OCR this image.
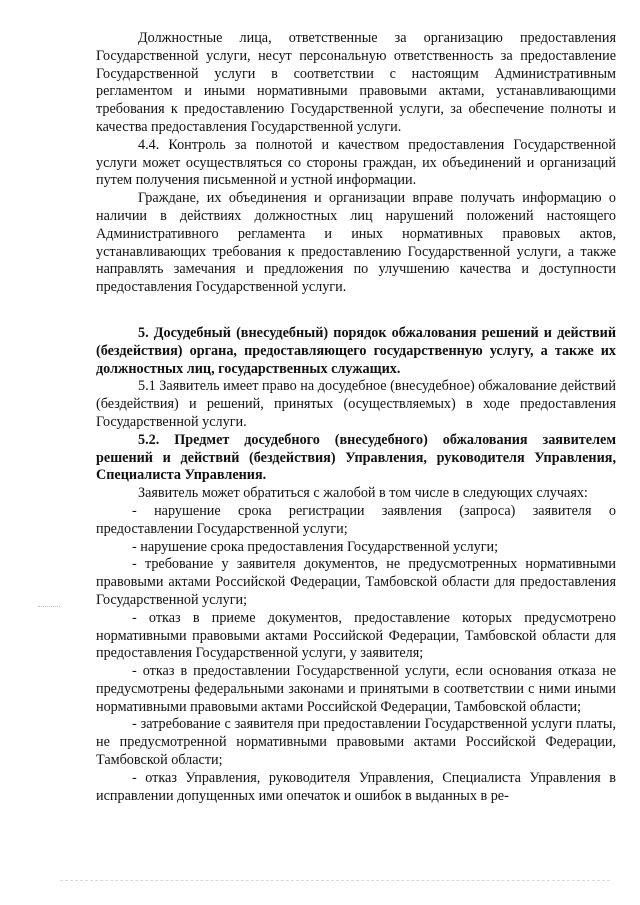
Должностные лица, ответственные за организацию предоставления Государственной услуги, несут персональную ответственность за предоставление Государственной услуги в соответствии с настоящим Административным регламентом и иными нормативными правовыми актами, устанавливающими требования к предоставлению Государственной услуги, за обеспечение полноты и качества предоставления Государственной услуги.

4.4. Контроль за полнотой и качеством предоставления Государственной услуги может осуществляться со стороны граждан, их объединений и организаций путем получения письменной и устной информации.

Граждане, их объединения и организации вправе получать информацию о наличии в действиях должностных лиц нарушений положений настоящего Административного регламента и иных нормативных правовых актов, устанавливающих требования к предоставлению Государственной услуги, а также направлять замечания и предложения по улучшению качества и доступности предоставления Государственной услуги.

5. Досудебный (внесудебный) порядок обжалования решений и действий (бездействия) органа, предоставляющего государственную услугу, а также их должностных лиц, государственных служащих.

5.1 Заявитель имеет право на досудебное (внесудебное) обжалование действий (бездействия) и решений, принятых (осуществляемых) в ходе предоставления Государственной услуги.

5.2. Предмет досудебного (внесудебного) обжалования заявителем решений и действий (бездействия) Управления, руководителя Управления, Специалиста Управления.

Заявитель может обратиться с жалобой в том числе в следующих случаях:

- нарушение срока регистрации заявления (запроса) заявителя о предоставлении Государственной услуги;

- нарушение срока предоставления Государственной услуги;

- требование у заявителя документов, не предусмотренных нормативными правовыми актами Российской Федерации, Тамбовской области для предоставления Государственной услуги;

- отказ в приеме документов, предоставление которых предусмотрено нормативными правовыми актами Российской Федерации, Тамбовской области для предоставления Государственной услуги, у заявителя;

- отказ в предоставлении Государственной услуги, если основания отказа не предусмотрены федеральными законами и принятыми в соответствии с ними иными нормативными правовыми актами Российской Федерации, Тамбовской области;

- затребование с заявителя при предоставлении Государственной услуги платы, не предусмотренной нормативными правовыми актами Российской Федерации, Тамбовской области;

- отказ Управления, руководителя Управления, Специалиста Управления в исправлении допущенных ими опечаток и ошибок в выданных в ре-
